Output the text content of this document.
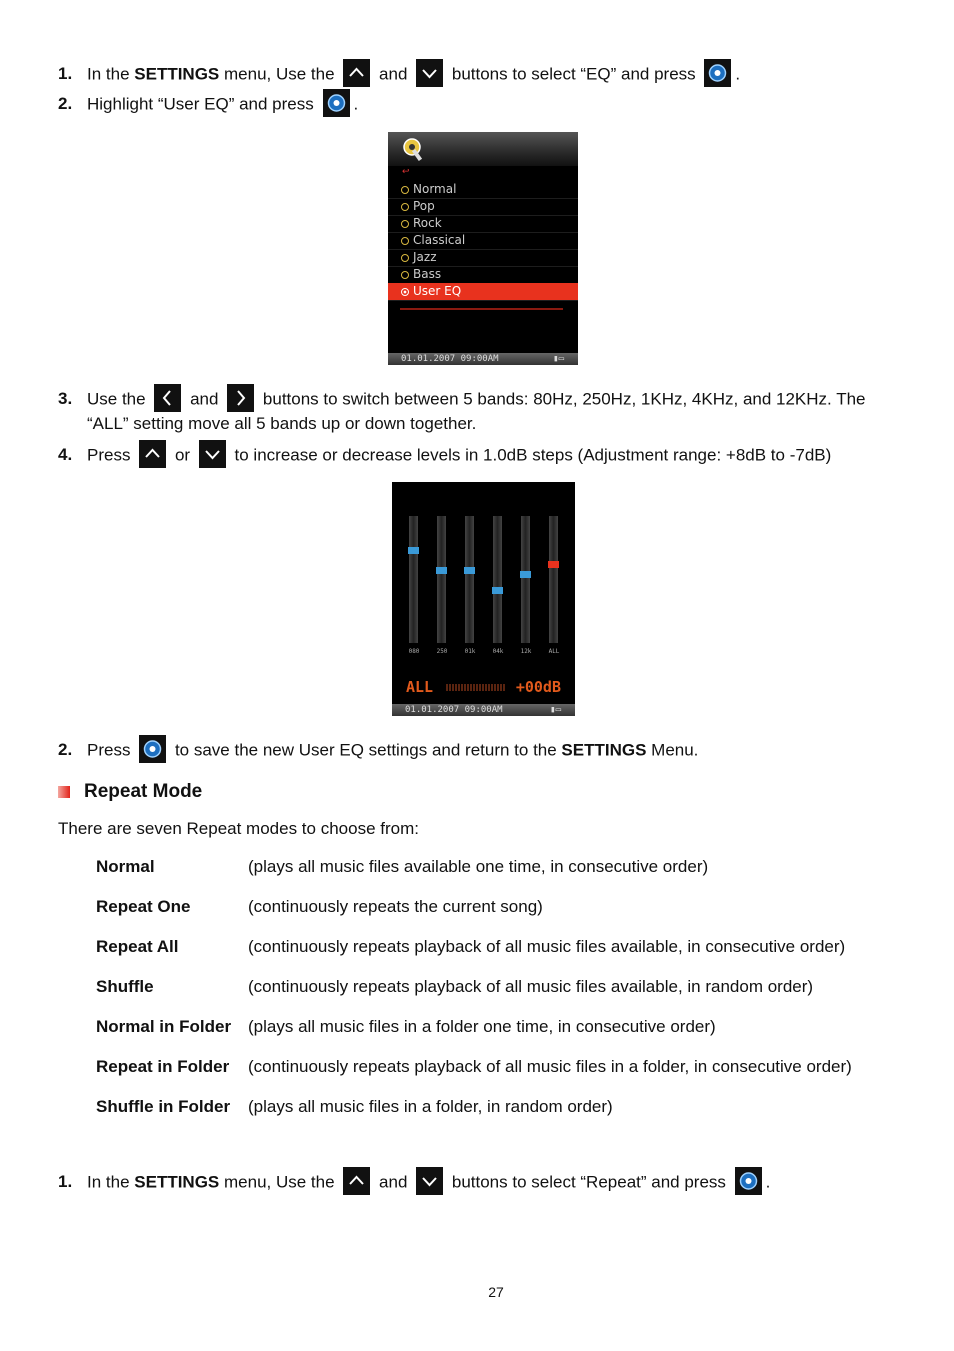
1. In the SETTINGS menu, Use the
and	buttons to select “EQ” and press .
2. Highlight “User EQ” and press .
↩
Normal
Pop
Rock
Classical
Jazz
Bass
User EQ
01.01.2007 09:00AM	▮▭
3. Use the	and	buttons to switch between 5 bands: 80Hz, 250Hz, 1KHz, 4KHz, and 12KHz. The
“ALL” setting move all 5 bands up or down together.
4. Press	or	to increase or decrease levels in 1.0dB steps (Adjustment range: +8dB to -7dB)
080	250	01k	04k	12k	ALL
ALL	+00dB
01.01.2007 09:00AM	▮▭
2. Press	to save the new User EQ settings and return to the SETTINGS Menu.
Repeat Mode
There are seven Repeat modes to choose from:
Normal	(plays all music files available one time, in consecutive order)
Repeat One	(continuously repeats the current song)
Repeat All	(continuously repeats playback of all music files available, in consecutive order)
Shuffle	(continuously repeats playback of all music files available, in random order)
Normal in Folder (plays all music files in a folder one time, in consecutive order)
Repeat in Folder (continuously repeats playback of all music files in a folder, in consecutive order)
Shuffle in Folder (plays all music files in a folder, in random order)
1. In the SETTINGS menu, Use the
and	buttons to select “Repeat” and press .
27
